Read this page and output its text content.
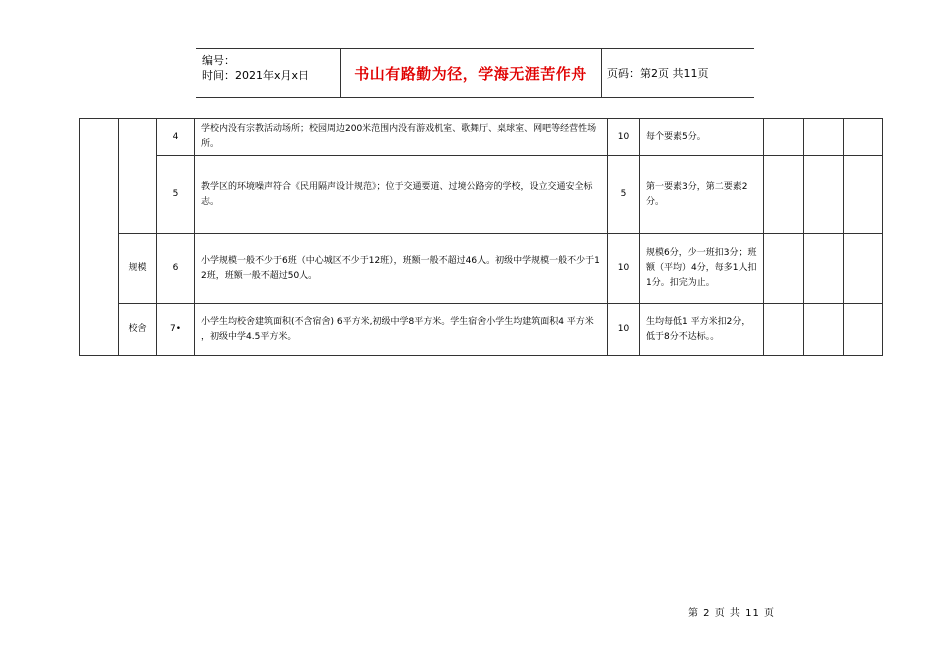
编号：
时间：2021年x月x日	书山有路勤为径，学海无涯苦作舟	页码：第2页 共11页
		4	学校内没有宗教活动场所；校园周边200米范围内没有游戏机室、歌舞厅、桌球室、网吧等经营性场所。	10	每个要素5分。			
		5	教学区的环境噪声符合《民用隔声设计规范》；位于交通要道、过境公路旁的学校，设立交通安全标志。	5	第一要素3分，第二要素2分。			
	规模	6	小学规模一般不少于6班（中心城区不少于12班），班额一般不超过46人。初级中学规模一般不少于12班，班额一般不超过50人。	10	规模6分，少一班扣3分；班额（平均）4分，每多1人扣1分。扣完为止。			
	校舍	7•	小学生均校舍建筑面积(不含宿舍) 6平方米,初级中学8平方米。学生宿舍小学生均建筑面积4 平方米 ，初级中学4.5平方米。	10	生均每低1 平方米扣2分，低于8分不达标。。			
第 2 页 共 11 页
